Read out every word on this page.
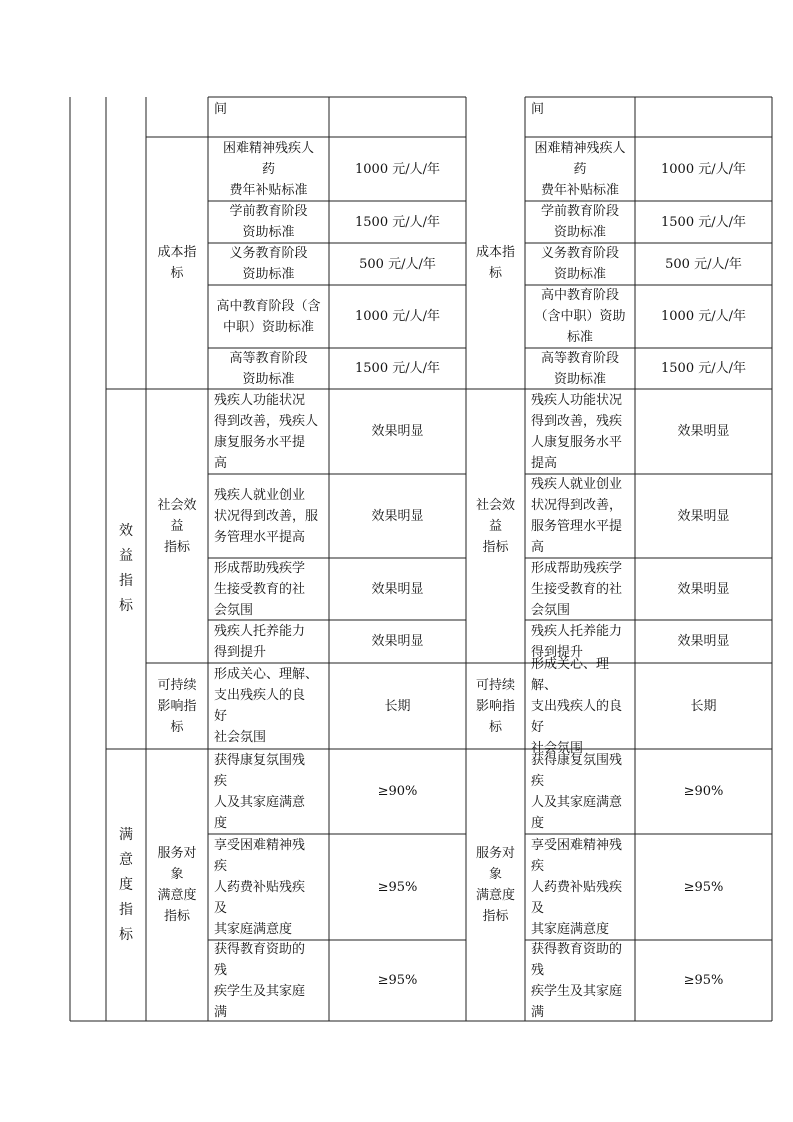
效
益
指
标
满
意
度
指
标
间
成本指
标
困难精神残疾人
药
费年补贴标准
1000 元/人/年
学前教育阶段
资助标准
1500 元/人/年
义务教育阶段
资助标准
500 元/人/年
高中教育阶段（含
中职）资助标准
1000 元/人/年
高等教育阶段
资助标准
1500 元/人/年
社会效
益
指标
残疾人功能状况
得到改善，残疾人
康复服务水平提
高
效果明显
残疾人就业创业
状况得到改善，服
务管理水平提高
效果明显
形成帮助残疾学
生接受教育的社
会氛围
效果明显
残疾人托养能力
得到提升
效果明显
可持续
影响指
标
形成关心、理解、
支出残疾人的良
好
社会氛围
长期
服务对
象
满意度
指标
获得康复氛围残
疾
人及其家庭满意
度
≥90%
享受困难精神残
疾
人药费补贴残疾
及
其家庭满意度
≥95%
获得教育资助的
残
疾学生及其家庭
满
≥95%
间
成本指
标
困难精神残疾人
药
费年补贴标准
1000 元/人/年
学前教育阶段
资助标准
1500 元/人/年
义务教育阶段
资助标准
500 元/人/年
高中教育阶段
（含中职）资助
标准
1000 元/人/年
高等教育阶段
资助标准
1500 元/人/年
社会效
益
指标
残疾人功能状况
得到改善，残疾
人康复服务水平
提高
效果明显
残疾人就业创业
状况得到改善，
服务管理水平提
高
效果明显
形成帮助残疾学
生接受教育的社
会氛围
效果明显
残疾人托养能力
得到提升
效果明显
可持续
影响指
标
形成关心、理解、
支出残疾人的良
好
社会氛围
长期
服务对
象
满意度
指标
获得康复氛围残
疾
人及其家庭满意
度
≥90%
享受困难精神残
疾
人药费补贴残疾
及
其家庭满意度
≥95%
获得教育资助的
残
疾学生及其家庭
满
≥95%
